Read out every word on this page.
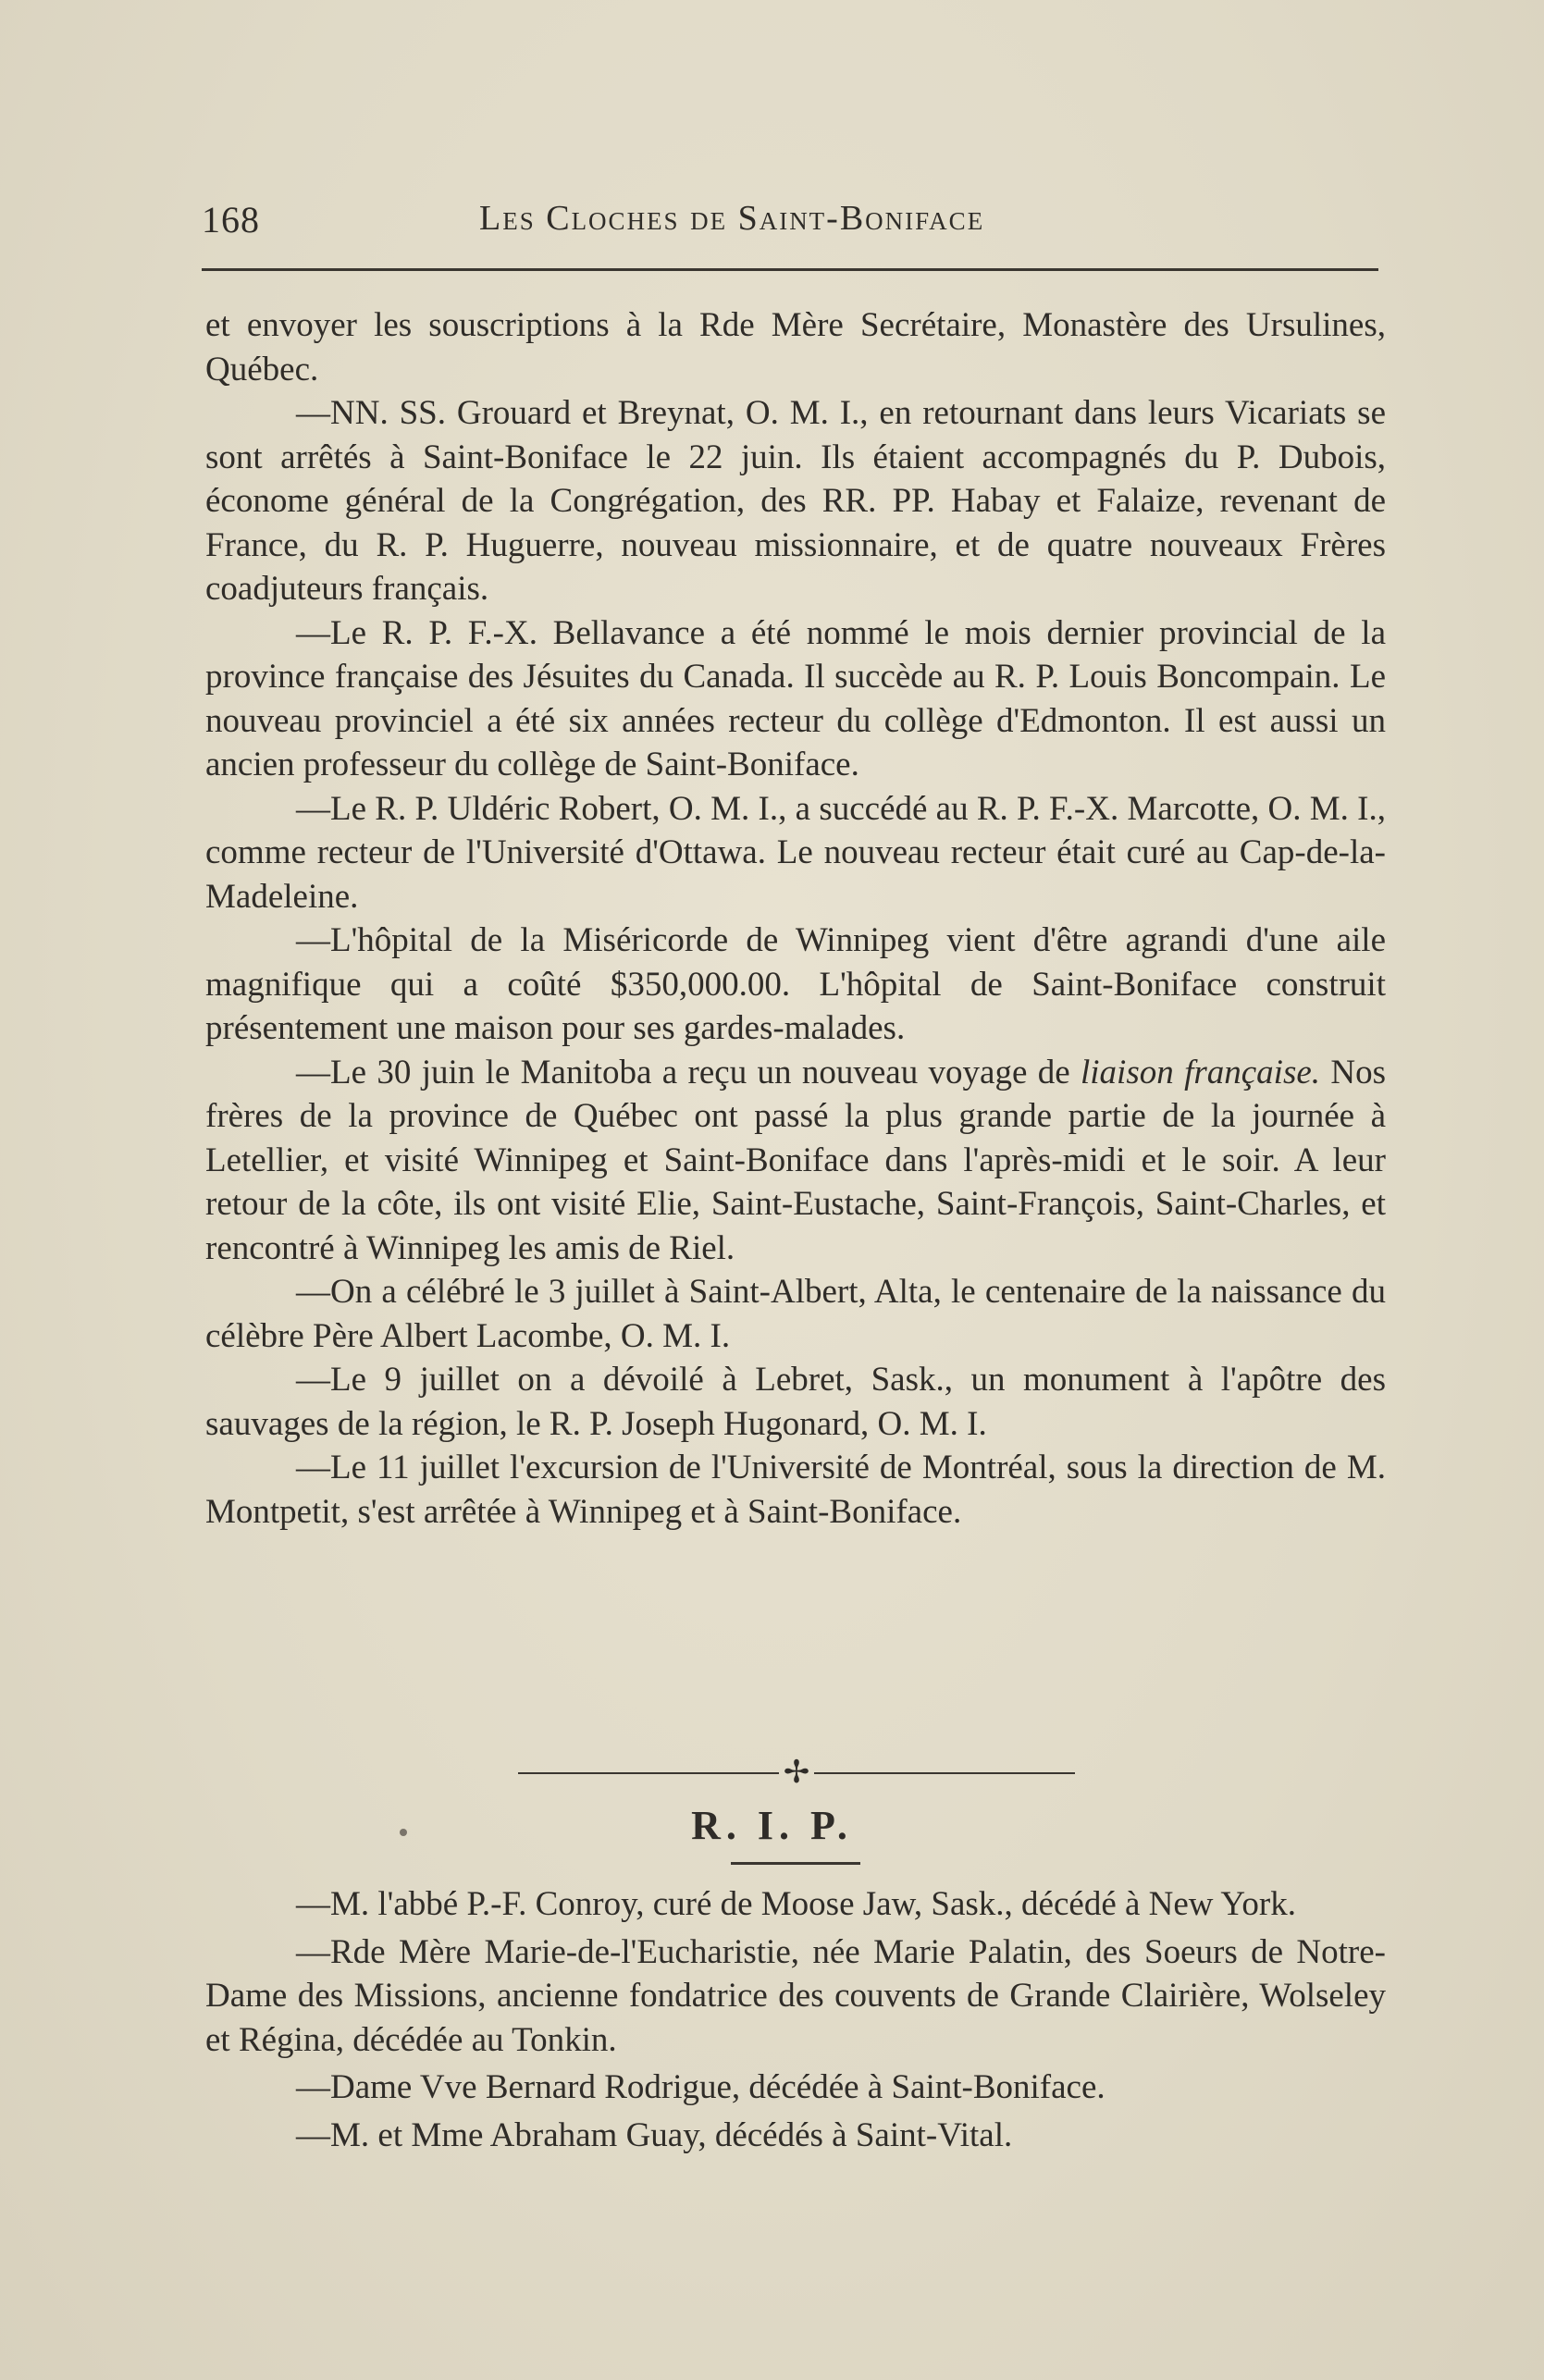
168	Les Cloches de Saint-Boniface

et envoyer les souscriptions à la Rde Mère Secrétaire, Monastère des Ursulines, Québec.

—NN. SS. Grouard et Breynat, O. M. I., en retournant dans leurs Vicariats se sont arrêtés à Saint-Boniface le 22 juin. Ils étaient accompagnés du P. Dubois, économe général de la Congrégation, des RR. PP. Habay et Falaize, revenant de France, du R. P. Huguerre, nouveau missionnaire, et de quatre nouveaux Frères coadjuteurs français.

—Le R. P. F.-X. Bellavance a été nommé le mois dernier provincial de la province française des Jésuites du Canada. Il succède au R. P. Louis Boncompain. Le nouveau provinciel a été six années recteur du collège d'Edmonton. Il est aussi un ancien professeur du collège de Saint-Boniface.

—Le R. P. Uldéric Robert, O. M. I., a succédé au R. P. F.-X. Marcotte, O. M. I., comme recteur de l'Université d'Ottawa. Le nouveau recteur était curé au Cap-de-la-Madeleine.

—L'hôpital de la Miséricorde de Winnipeg vient d'être agrandi d'une aile magnifique qui a coûté $350,000.00. L'hôpital de Saint-Boniface construit présentement une maison pour ses gardes-malades.

—Le 30 juin le Manitoba a reçu un nouveau voyage de liaison française. Nos frères de la province de Québec ont passé la plus grande partie de la journée à Letellier, et visité Winnipeg et Saint-Boniface dans l'après-midi et le soir. A leur retour de la côte, ils ont visité Elie, Saint-Eustache, Saint-François, Saint-Charles, et rencontré à Winnipeg les amis de Riel.

—On a célébré le 3 juillet à Saint-Albert, Alta, le centenaire de la naissance du célèbre Père Albert Lacombe, O. M. I.

—Le 9 juillet on a dévoilé à Lebret, Sask., un monument à l'apôtre des sauvages de la région, le R. P. Joseph Hugonard, O. M. I.

—Le 11 juillet l'excursion de l'Université de Montréal, sous la direction de M. Montpetit, s'est arrêtée à Winnipeg et à Saint-Boniface.

✢
R. I. P.

—M. l'abbé P.-F. Conroy, curé de Moose Jaw, Sask., décédé à New York.

—Rde Mère Marie-de-l'Eucharistie, née Marie Palatin, des Soeurs de Notre-Dame des Missions, ancienne fondatrice des couvents de Grande Clairière, Wolseley et Régina, décédée au Tonkin.

—Dame Vve Bernard Rodrigue, décédée à Saint-Boniface.

—M. et Mme Abraham Guay, décédés à Saint-Vital.
